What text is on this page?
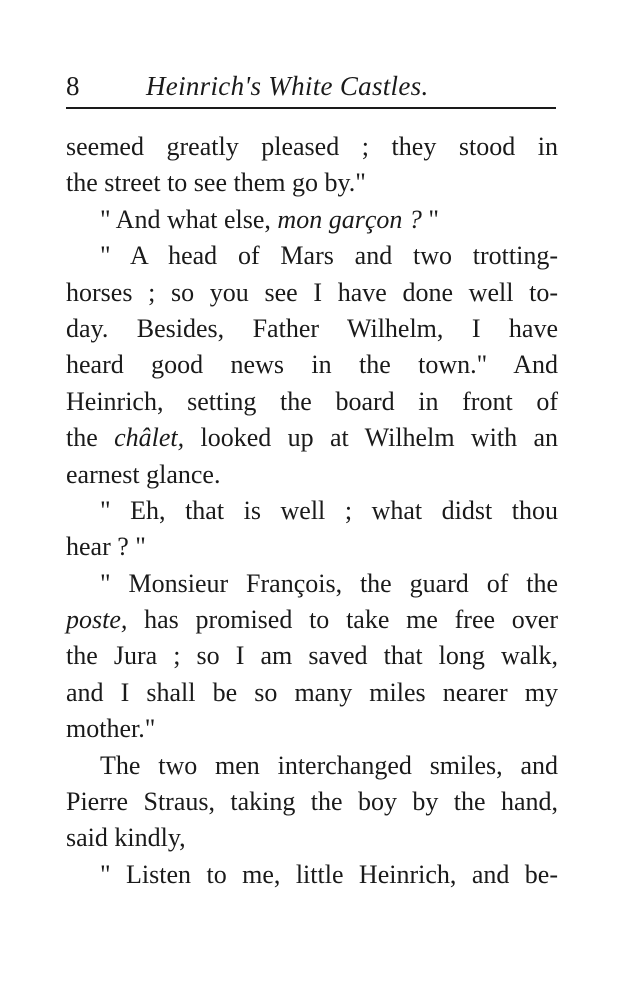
8 Heinrich's White Castles.
seemed greatly pleased ; they stood in
the street to see them go by."
" And what else, mon garçon ? "
" A head of Mars and two trotting-
horses ; so you see I have done well to-
day. Besides, Father Wilhelm, I have
heard good news in the town." And
Heinrich, setting the board in front of
the châlet, looked up at Wilhelm with an
earnest glance.
" Eh, that is well ; what didst thou
hear ? "
" Monsieur François, the guard of the
poste, has promised to take me free over
the Jura ; so I am saved that long walk,
and I shall be so many miles nearer my
mother."
The two men interchanged smiles, and
Pierre Straus, taking the boy by the hand,
said kindly,
" Listen to me, little Heinrich, and be-
